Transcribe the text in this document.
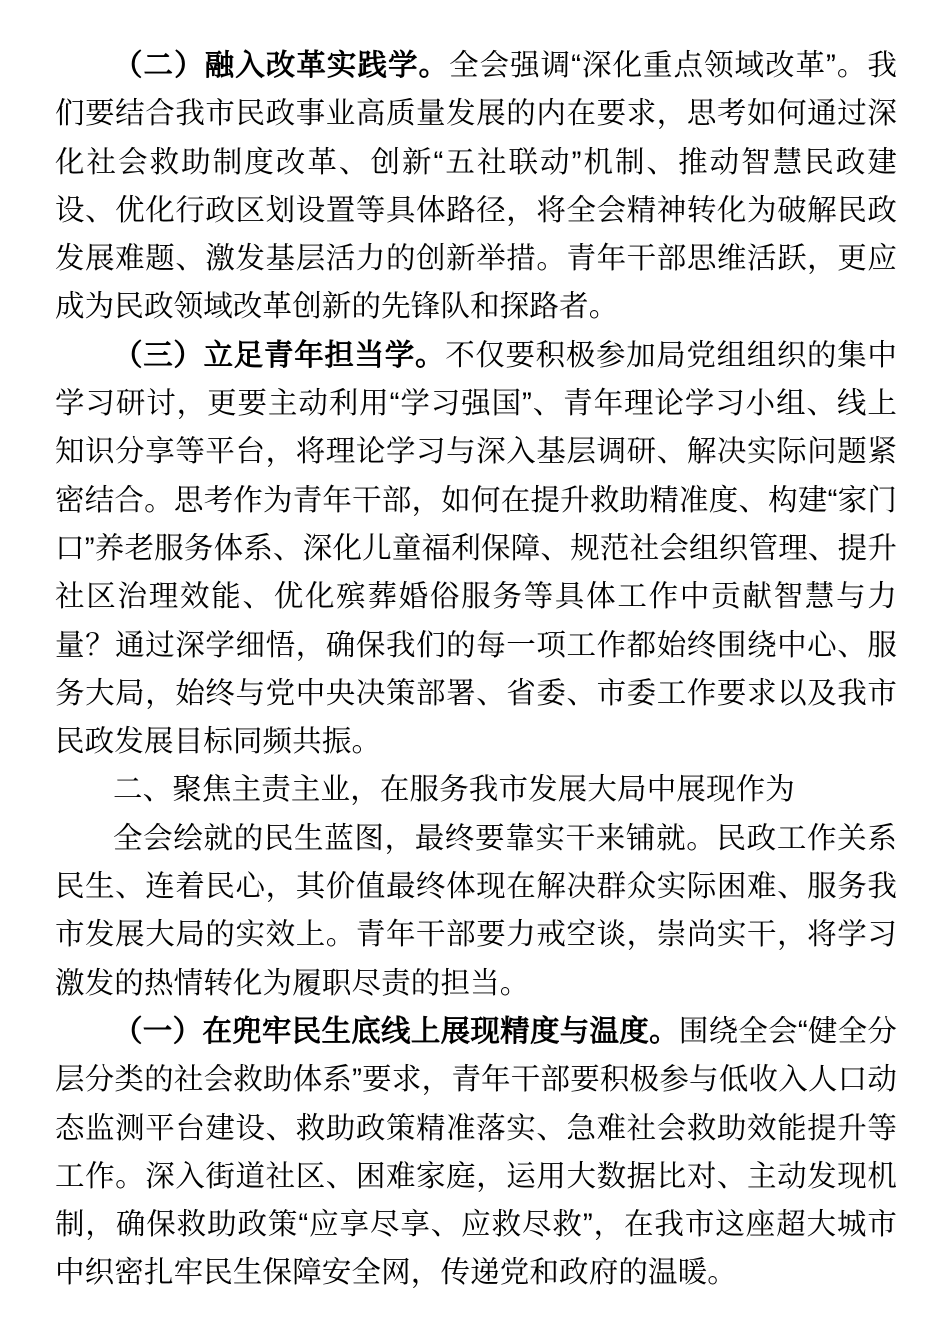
（二）融入改革实践学。全会强调“深化重点领域改革”。我们要结合我市民政事业高质量发展的内在要求，思考如何通过深化社会救助制度改革、创新“五社联动”机制、推动智慧民政建设、优化行政区划设置等具体路径，将全会精神转化为破解民政发展难题、激发基层活力的创新举措。青年干部思维活跃，更应成为民政领域改革创新的先锋队和探路者。

（三）立足青年担当学。不仅要积极参加局党组组织的集中学习研讨，更要主动利用“学习强国”、青年理论学习小组、线上知识分享等平台，将理论学习与深入基层调研、解决实际问题紧密结合。思考作为青年干部，如何在提升救助精准度、构建“家门口”养老服务体系、深化儿童福利保障、规范社会组织管理、提升社区治理效能、优化殡葬婚俗服务等具体工作中贡献智慧与力量？通过深学细悟，确保我们的每一项工作都始终围绕中心、服务大局，始终与党中央决策部署、省委、市委工作要求以及我市民政发展目标同频共振。

二、聚焦主责主业，在服务我市发展大局中展现作为

全会绘就的民生蓝图，最终要靠实干来铺就。民政工作关系民生、连着民心，其价值最终体现在解决群众实际困难、服务我市发展大局的实效上。青年干部要力戒空谈，崇尚实干，将学习激发的热情转化为履职尽责的担当。

（一）在兜牢民生底线上展现精度与温度。围绕全会“健全分层分类的社会救助体系”要求，青年干部要积极参与低收入人口动态监测平台建设、救助政策精准落实、急难社会救助效能提升等工作。深入街道社区、困难家庭，运用大数据比对、主动发现机制，确保救助政策“应享尽享、应救尽救”，在我市这座超大城市中织密扎牢民生保障安全网，传递党和政府的温暖。
